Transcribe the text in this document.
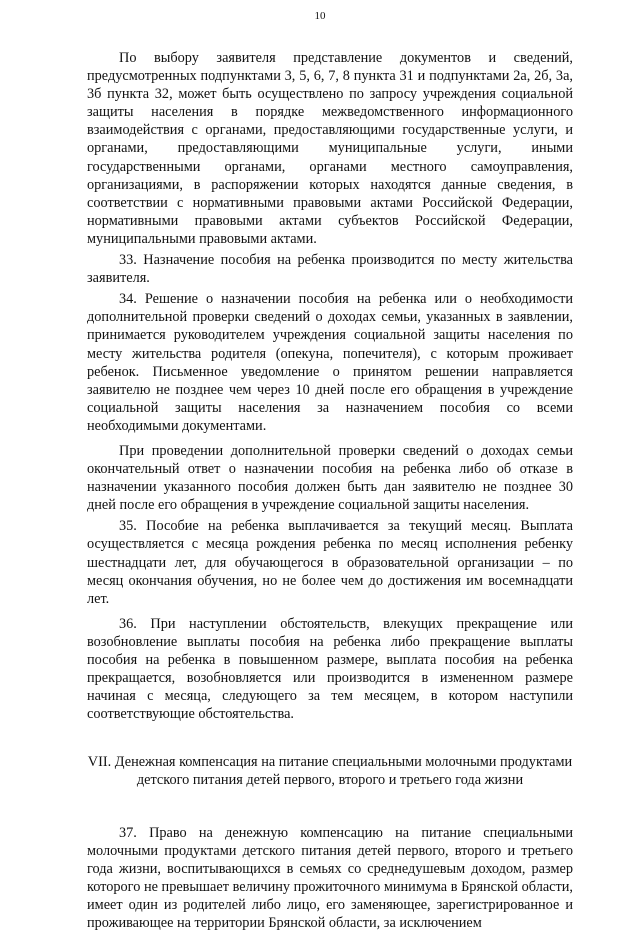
10

По выбору заявителя представление документов и сведений, предусмотренных подпунктами 3, 5, 6, 7, 8 пункта 31 и подпунктами 2а, 2б, 3а, 3б пункта 32, может быть осуществлено по запросу учреждения социальной защиты населения в порядке межведомственного информационного взаимодействия с органами, предоставляющими государственные услуги, и органами, предоставляющими муниципальные услуги, иными государственными органами, органами местного самоуправления, организациями, в распоряжении которых находятся данные сведения, в соответствии с нормативными правовыми актами Российской Федерации, нормативными правовыми актами субъектов Российской Федерации, муниципальными правовыми актами.

33. Назначение пособия на ребенка производится по месту жительства заявителя.

34. Решение о назначении пособия на ребенка или о необходимости дополнительной проверки сведений о доходах семьи, указанных в заявлении, принимается руководителем учреждения социальной защиты населения по месту жительства родителя (опекуна, попечителя), с которым проживает ребенок. Письменное уведомление о принятом решении направляется заявителю не позднее чем через 10 дней после его обращения в учреждение социальной защиты населения за назначением пособия со всеми необходимыми документами.

При проведении дополнительной проверки сведений о доходах семьи окончательный ответ о назначении пособия на ребенка либо об отказе в назначении указанного пособия должен быть дан заявителю не позднее 30 дней после его обращения в учреждение социальной защиты населения.

35. Пособие на ребенка выплачивается за текущий месяц. Выплата осуществляется с месяца рождения ребенка по месяц исполнения ребенку шестнадцати лет, для обучающегося в образовательной организации – по месяц окончания обучения, но не более чем до достижения им восемнадцати лет.

36. При наступлении обстоятельств, влекущих прекращение или возобновление выплаты пособия на ребенка либо прекращение выплаты пособия на ребенка в повышенном размере, выплата пособия на ребенка прекращается, возобновляется или производится в измененном размере начиная с месяца, следующего за тем месяцем, в котором наступили соответствующие обстоятельства.

VII. Денежная компенсация на питание специальными молочными продуктами детского питания детей первого, второго и третьего года жизни

37. Право на денежную компенсацию на питание специальными молочными продуктами детского питания детей первого, второго и третьего года жизни, воспитывающихся в семьях со среднедушевым доходом, размер которого не превышает величину прожиточного минимума в Брянской области, имеет один из родителей либо лицо, его заменяющее, зарегистрированное и проживающее на территории Брянской области, за исключением
